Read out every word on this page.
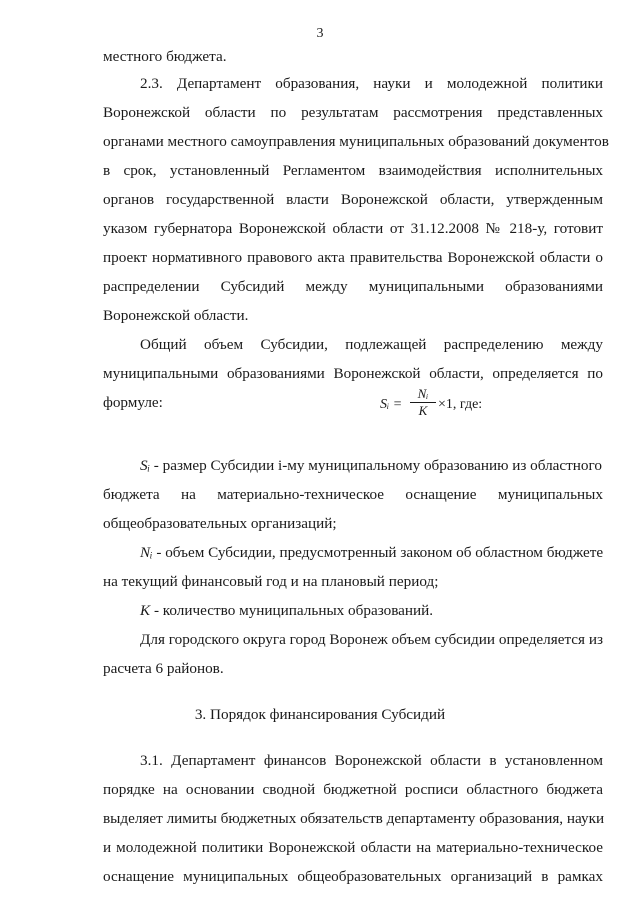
3
местного бюджета.
2.3. Департамент образования, науки и молодежной политики
Воронежской области по результатам рассмотрения представленных
органами местного самоуправления муниципальных образований документов
в срок, установленный Регламентом взаимодействия исполнительных
органов государственной власти Воронежской области, утвержденным
указом губернатора Воронежской области от 31.12.2008 № 218-у, готовит
проект нормативного правового акта правительства Воронежской области о
распределении Субсидий между муниципальными образованиями
Воронежской области.
Общий объем Субсидии, подлежащей распределению между
муниципальными образованиями Воронежской области, определяется по
формуле:	Sᵢ = $\frac{\text{Nᵢ}}{K} \times 1$, где:
Sᵢ - размер Субсидии i-му муниципальному образованию из областного
бюджета на материально-техническое оснащение муниципальных
общеобразовательных организаций;
Nᵢ - объем Субсидии, предусмотренный законом об областном бюджете
на текущий финансовый год и на плановый период;
K - количество муниципальных образований.
Для городского округа город Воронеж объем субсидии определяется из
расчета 6 районов.
3. Порядок финансирования Субсидий
3.1. Департамент финансов Воронежской области в установленном
порядке на основании сводной бюджетной росписи областного бюджета
выделяет лимиты бюджетных обязательств департаменту образования, науки
и молодежной политики Воронежской области на материально-техническое
оснащение муниципальных общеобразовательных организаций в рамках
